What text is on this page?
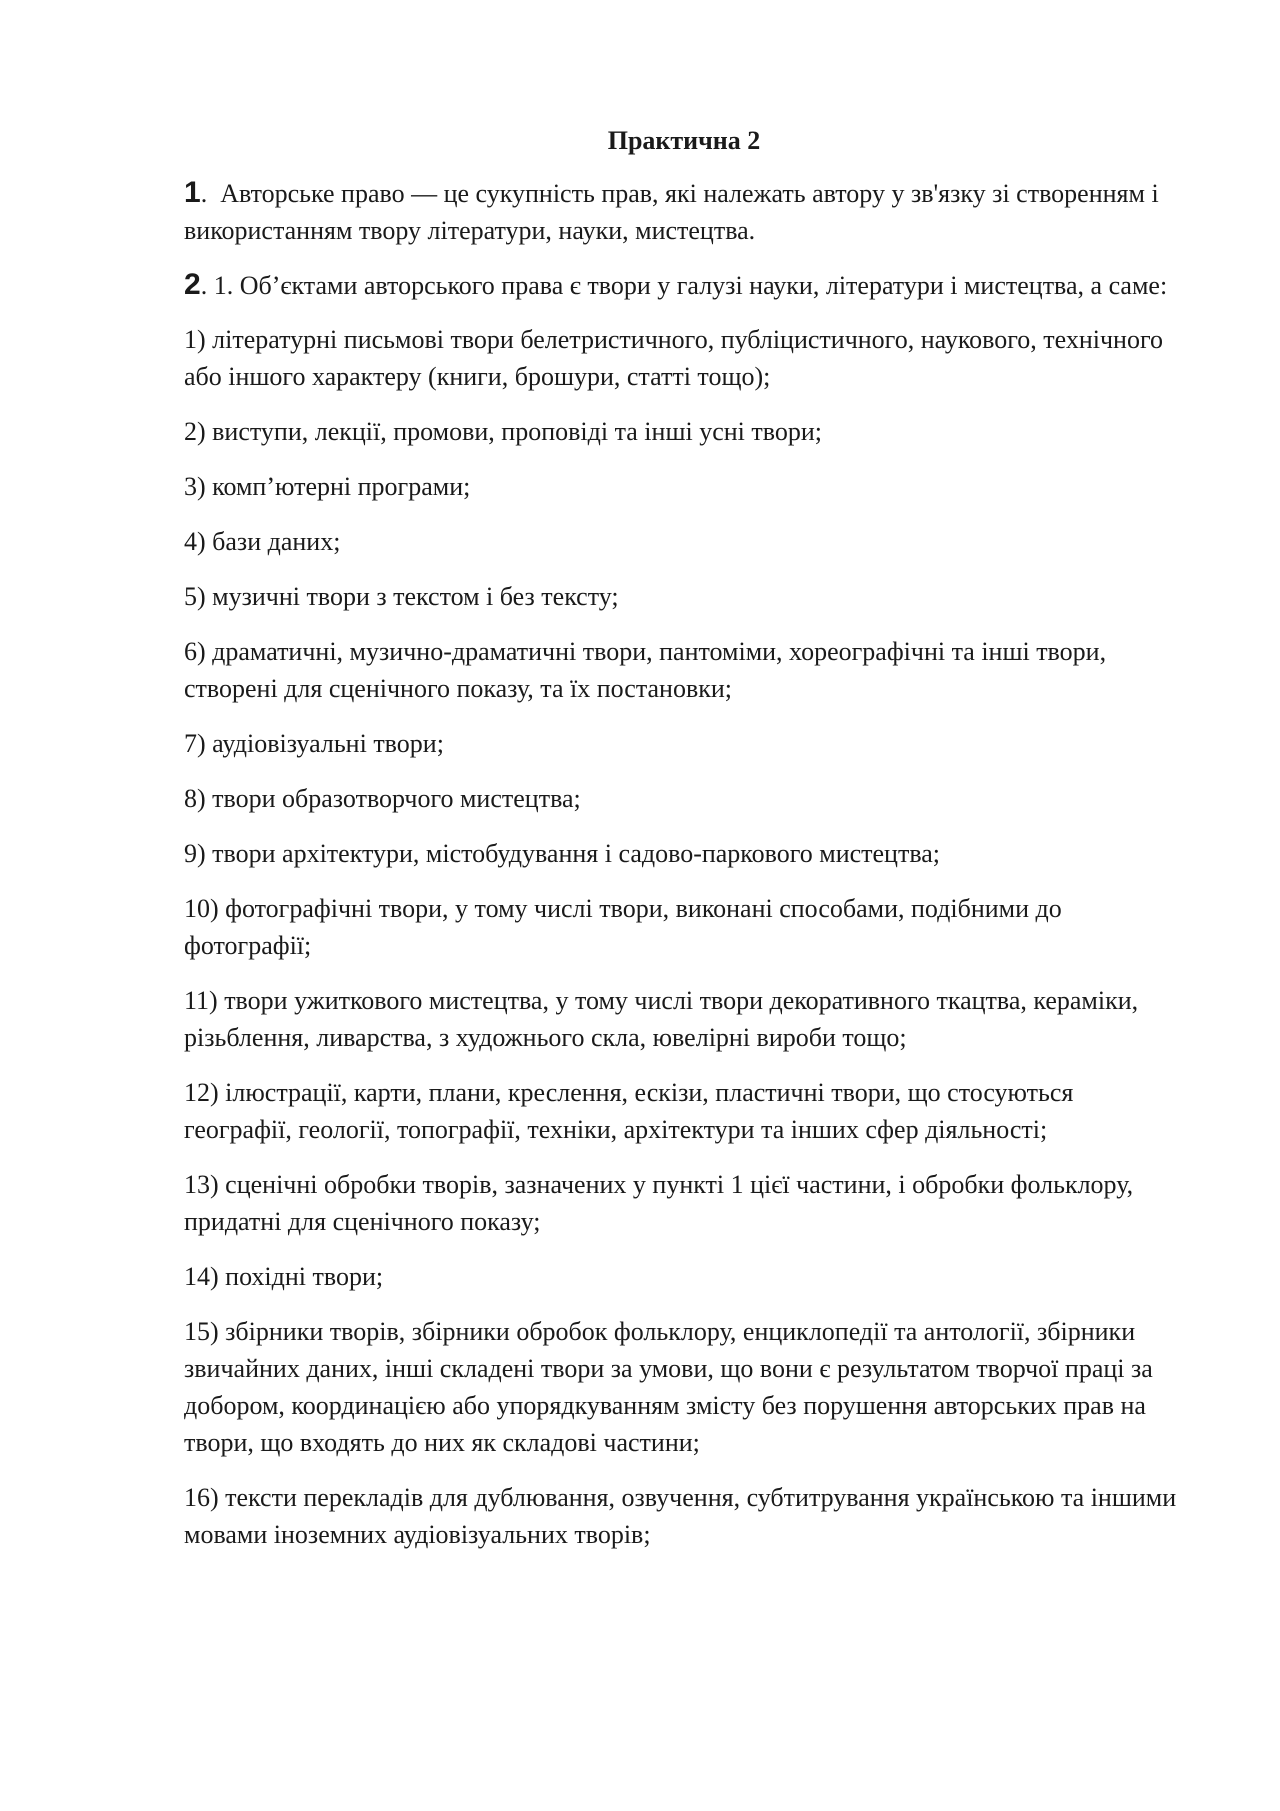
Практична 2

1.  Авторське право — це сукупність прав, які належать автору у зв'язку зі створенням і використанням твору літератури, науки, мистецтва.

2. 1. Об’єктами авторського права є твори у галузі науки, літератури і мистецтва, а саме:

1) літературні письмові твори белетристичного, публіцистичного, наукового, технічного або іншого характеру (книги, брошури, статті тощо);

2) виступи, лекції, промови, проповіді та інші усні твори;

3) комп’ютерні програми;

4) бази даних;

5) музичні твори з текстом і без тексту;

6) драматичні, музично-драматичні твори, пантоміми, хореографічні та інші твори, створені для сценічного показу, та їх постановки;

7) аудіовізуальні твори;

8) твори образотворчого мистецтва;

9) твори архітектури, містобудування і садово-паркового мистецтва;

10) фотографічні твори, у тому числі твори, виконані способами, подібними до фотографії;

11) твори ужиткового мистецтва, у тому числі твори декоративного ткацтва, кераміки, різьблення, ливарства, з художнього скла, ювелірні вироби тощо;

12) ілюстрації, карти, плани, креслення, ескізи, пластичні твори, що стосуються географії, геології, топографії, техніки, архітектури та інших сфер діяльності;

13) сценічні обробки творів, зазначених у пункті 1 цієї частини, і обробки фольклору, придатні для сценічного показу;

14) похідні твори;

15) збірники творів, збірники обробок фольклору, енциклопедії та антології, збірники звичайних даних, інші складені твори за умови, що вони є результатом творчої праці за добором, координацією або упорядкуванням змісту без порушення авторських прав на твори, що входять до них як складові частини;

16) тексти перекладів для дублювання, озвучення, субтитрування українською та іншими мовами іноземних аудіовізуальних творів;
